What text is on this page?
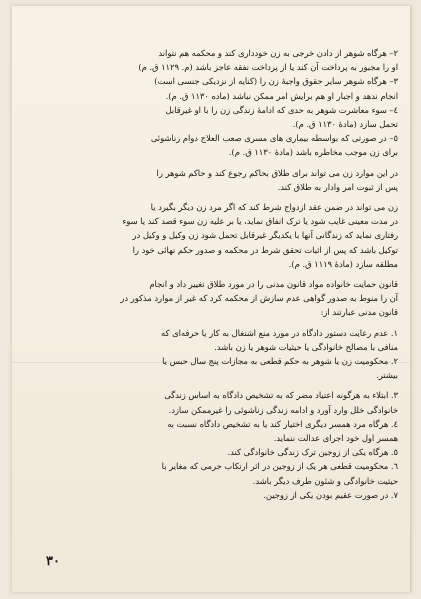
۲– هرگاه شوهر از دادن خرجی به زن خودداری کند و محکمه هم نتواند

او را مجبور به پرداخت آن کند یا از پرداخت نفقه عاجز باشد (م. ۱۱۲۹ ق. م)

۳– هرگاه شوهر سایر حقوق واجبهٔ زن را (کنایه از نزدیکی جنسی است)

انجام ندهد و اجبار او هم برایش امر ممکن نباشد (ماده ۱۱۳۰ ق. م).

٤– سوء معاشرت شوهر به حدی که ادامهٔ زندگی زن را با او غیرقابل

تحمل سازد (مادهٔ ۱۱۳۰ ق. م).

٥– در صورتی که بواسطه بیماری های مسری صعب العلاج دوام زناشوئی

برای زن موجب مخاطره باشد (مادهٔ ۱۱۳۰ ق. م).

در این موارد زن می تواند برای طلاق بحاکم رجوع کند و حاکم شوهر را

پس از ثبوت امر وادار به طلاق کند.

زن می تواند در ضمن عقد ازدواج شرط کند که اگر مرد زن دیگر بگیرد یا

در مدت معینی غایب شود یا ترک انفاق نماید، یا بر علیه زن سوء قصد کند یا سوء

رفتاری نماید که زندگانی آنها با یکدیگر غیرقابل تحمل شود زن وکیل و وکیل در

توکیل باشد که پس از اثبات تحقق شرط در محکمه و صدور حکم نهائی خود را

مطلقه سازد (مادهٔ ۱۱۱۹ ق. م).

قانون حمایت خانواده مواد قانون مدنی را در مورد طلاق تغییر داد و انجام

آن را منوط به صدور گواهی عدم سازش از محکمه کرد که غیر از موارد مذکور در

قانون مدنی عبارتند از:

۱. عدم رعایت دستور دادگاه در مورد منع اشتغال به کار یا حرفه‌ای که

منافی با مصالح خانوادگی یا حیثیات شوهر یا زن باشد.

۲. محکومیت زن یا شوهر به حکم قطعی به مجازات پنج سال حبس یا

بیشتر.

۳. ابتلاء به هرگونه اعتیاد مضر که به تشخیص دادگاه به اساس زندگی

خانوادگی خلل وارد آورد و ادامه زندگی زناشوئی را غیرممکن سازد.

٤. هرگاه مرد همسر دیگری اختیار کند یا به تشخیص دادگاه نسبت به

همسر اول خود اجرای عدالت ننماید.

٥. هرگاه یکی از زوجین ترک زندگی خانوادگی کند.

٦. محکومیت قطعی هر یک از زوجین در اثر ارتکاب جرمی که مغایر با

حیثیت خانوادگی و شئون طرف دیگر باشد.

۷. در صورت عقیم بودن یکی از زوجین.

۳۰
